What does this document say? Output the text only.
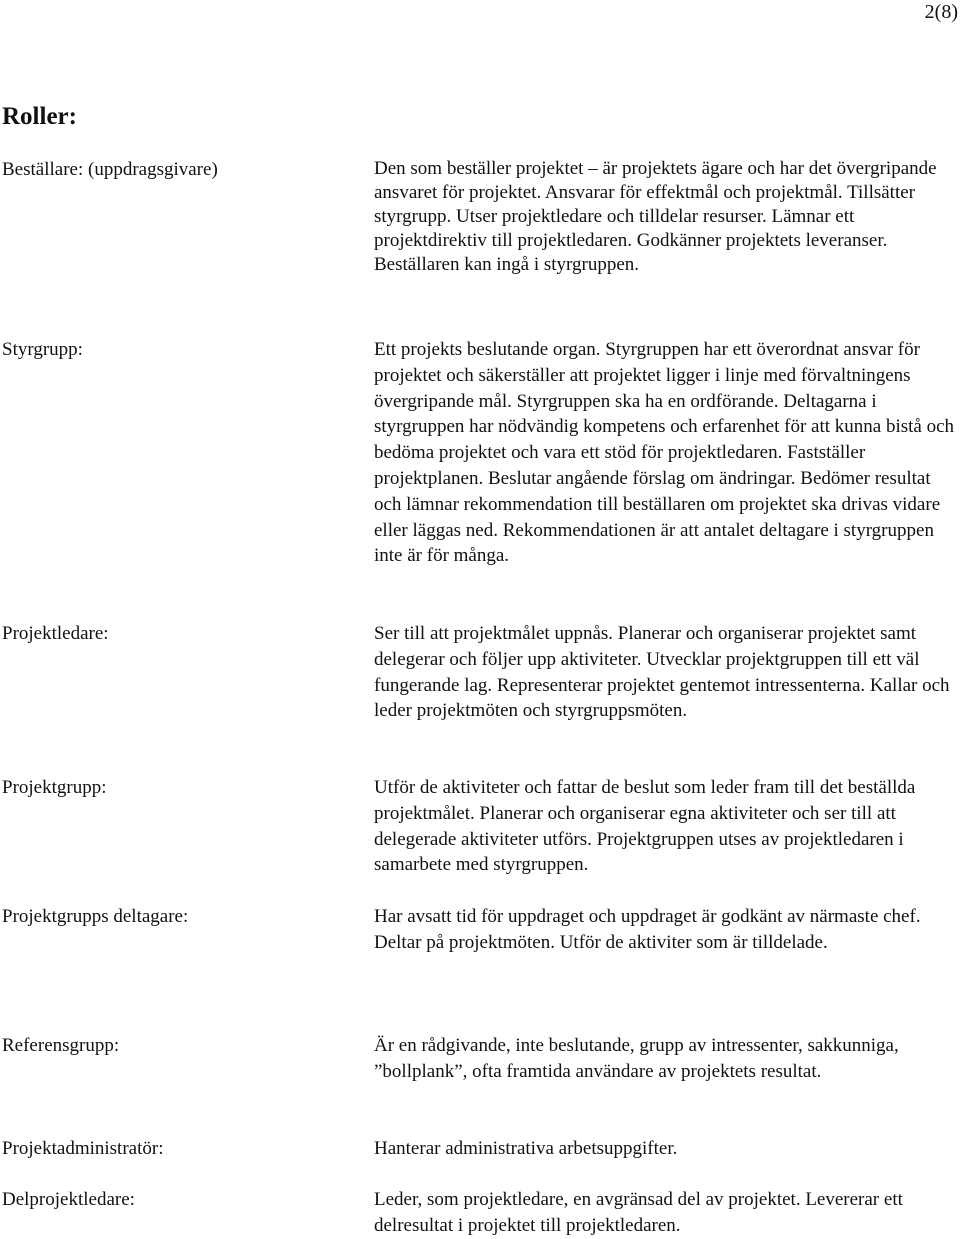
2(8)
Roller:
Beställare: (uppdragsgivare)	Den som beställer projektet – är projektets ägare och har det övergripande ansvaret för projektet. Ansvarar för effektmål och projektmål. Tillsätter styrgrupp. Utser projektledare och tilldelar resurser. Lämnar ett projektdirektiv till projektledaren. Godkänner projektets leveranser. Beställaren kan ingå i styrgruppen.
Styrgrupp:	Ett projekts beslutande organ. Styrgruppen har ett överordnat ansvar för projektet och säkerställer att projektet ligger i linje med förvaltningens övergripande mål. Styrgruppen ska ha en ordförande. Deltagarna i styrgruppen har nödvändig kompetens och erfarenhet för att kunna bistå och bedöma projektet och vara ett stöd för projektledaren. Fastställer projektplanen. Beslutar angående förslag om ändringar. Bedömer resultat och lämnar rekommendation till beställaren om projektet ska drivas vidare eller läggas ned. Rekommendationen är att antalet deltagare i styrgruppen inte är för många.
Projektledare:	Ser till att projektmålet uppnås. Planerar och organiserar projektet samt delegerar och följer upp aktiviteter. Utvecklar projektgruppen till ett väl fungerande lag. Representerar projektet gentemot intressenterna. Kallar och leder projektmöten och styrgruppsmöten.
Projektgrupp:	Utför de aktiviteter och fattar de beslut som leder fram till det beställda projektmålet. Planerar och organiserar egna aktiviteter och ser till att delegerade aktiviteter utförs. Projektgruppen utses av projektledaren i samarbete med styrgruppen.
Projektgrupps deltagare:	Har avsatt tid för uppdraget och uppdraget är godkänt av närmaste chef. Deltar på projektmöten. Utför de aktiviter som är tilldelade.
Referensgrupp:	Är en rådgivande, inte beslutande, grupp av intressenter, sakkunniga, ”bollplank”, ofta framtida användare av projektets resultat.
Projektadministratör:	Hanterar administrativa arbetsuppgifter.
Delprojektledare:	Leder, som projektledare, en avgränsad del av projektet. Levererar ett delresultat i projektet till projektledaren.
